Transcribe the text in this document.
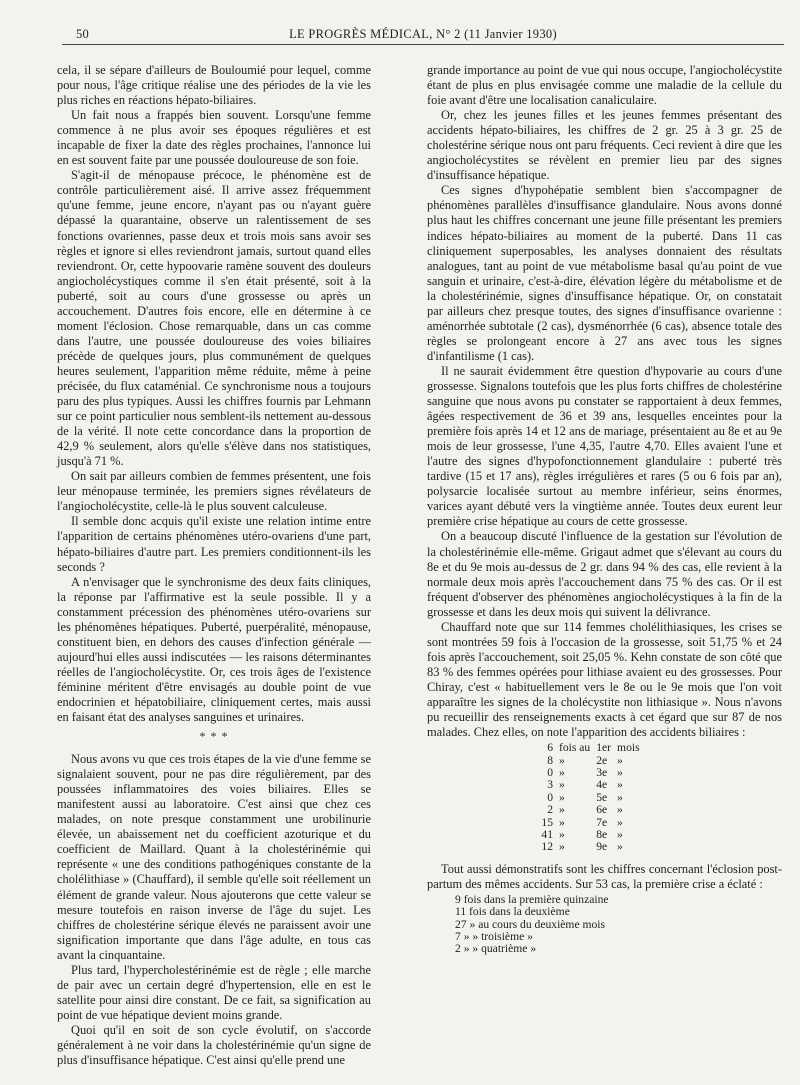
50	LE PROGRÈS MÉDICAL, N° 2 (11 Janvier 1930)

cela, il se sépare d'ailleurs de Bouloumié pour lequel, comme pour nous, l'âge critique réalise une des périodes de la vie les plus riches en réactions hépato-biliaires.

Un fait nous a frappés bien souvent. Lorsqu'une femme commence à ne plus avoir ses époques régulières et est incapable de fixer la date des règles prochaines, l'annonce lui en est souvent faite par une poussée douloureuse de son foie.

S'agit-il de ménopause précoce, le phénomène est de contrôle particulièrement aisé. Il arrive assez fréquemment qu'une femme, jeune encore, n'ayant pas ou n'ayant guère dépassé la quarantaine, observe un ralentissement de ses fonctions ovariennes, passe deux et trois mois sans avoir ses règles et ignore si elles reviendront jamais, surtout quand elles reviendront. Or, cette hypoovarie ramène souvent des douleurs angiocholécystiques comme il s'en était présenté, soit à la puberté, soit au cours d'une grossesse ou après un accouchement. D'autres fois encore, elle en détermine à ce moment l'éclosion. Chose remarquable, dans un cas comme dans l'autre, une poussée douloureuse des voies biliaires précède de quelques jours, plus communément de quelques heures seulement, l'apparition même réduite, même à peine précisée, du flux cataménial. Ce synchronisme nous a toujours paru des plus typiques. Aussi les chiffres fournis par Lehmann sur ce point particulier nous semblent-ils nettement au-dessous de la vérité. Il note cette concordance dans la proportion de 42,9 % seulement, alors qu'elle s'élève dans nos statistiques, jusqu'à 71 %.

On sait par ailleurs combien de femmes présentent, une fois leur ménopause terminée, les premiers signes révélateurs de l'angiocholécystite, celle-là le plus souvent calculeuse.

Il semble donc acquis qu'il existe une relation intime entre l'apparition de certains phénomènes utéro-ovariens d'une part, hépato-biliaires d'autre part. Les premiers conditionnent-ils les seconds ?

A n'envisager que le synchronisme des deux faits cliniques, la réponse par l'affirmative est la seule possible. Il y a constamment précession des phénomènes utéro-ovariens sur les phénomènes hépatiques. Puberté, puerpéralité, ménopause, constituent bien, en dehors des causes d'infection générale — aujourd'hui elles aussi indiscutées — les raisons déterminantes réelles de l'angiocholécystite. Or, ces trois âges de l'existence féminine méritent d'être envisagés au double point de vue endocrinien et hépatobiliaire, cliniquement certes, mais aussi en faisant état des analyses sanguines et urinaires.

* * *

Nous avons vu que ces trois étapes de la vie d'une femme se signalaient souvent, pour ne pas dire régulièrement, par des poussées inflammatoires des voies biliaires. Elles se manifestent aussi au laboratoire. C'est ainsi que chez ces malades, on note presque constamment une urobilinurie élevée, un abaissement net du coefficient azoturique et du coefficient de Maillard. Quant à la cholestérinémie qui représente « une des conditions pathogéniques constante de la cholélithiase » (Chauffard), il semble qu'elle soit réellement un élément de grande valeur. Nous ajouterons que cette valeur se mesure toutefois en raison inverse de l'âge du sujet. Les chiffres de cholestérine sérique élevés ne paraissent avoir une signification importante que dans l'âge adulte, en tous cas avant la cinquantaine.

Plus tard, l'hypercholestérinémie est de règle ; elle marche de pair avec un certain degré d'hypertension, elle en est le satellite pour ainsi dire constant. De ce fait, sa signification au point de vue hépatique devient moins grande.

Quoi qu'il en soit de son cycle évolutif, on s'accorde généralement à ne voir dans la cholestérinémie qu'un signe de plus d'insuffisance hépatique. C'est ainsi qu'elle prend une

grande importance au point de vue qui nous occupe, l'angiocholécystite étant de plus en plus envisagée comme une maladie de la cellule du foie avant d'être une localisation canaliculaire.

Or, chez les jeunes filles et les jeunes femmes présentant des accidents hépato-biliaires, les chiffres de 2 gr. 25 à 3 gr. 25 de cholestérine sérique nous ont paru fréquents. Ceci revient à dire que les angiocholécystites se révèlent en premier lieu par des signes d'insuffisance hépatique.

Ces signes d'hypohépatie semblent bien s'accompagner de phénomènes parallèles d'insuffisance glandulaire. Nous avons donné plus haut les chiffres concernant une jeune fille présentant les premiers indices hépato-biliaires au moment de la puberté. Dans 11 cas cliniquement superposables, les analyses donnaient des résultats analogues, tant au point de vue métabolisme basal qu'au point de vue sanguin et urinaire, c'est-à-dire, élévation légère du métabolisme et de la cholestérinémie, signes d'insuffisance hépatique. Or, on constatait par ailleurs chez presque toutes, des signes d'insuffisance ovarienne : aménorrhée subtotale (2 cas), dysménorrhée (6 cas), absence totale des règles se prolongeant encore à 27 ans avec tous les signes d'infantilisme (1 cas).

Il ne saurait évidemment être question d'hypovarie au cours d'une grossesse. Signalons toutefois que les plus forts chiffres de cholestérine sanguine que nous avons pu constater se rapportaient à deux femmes, âgées respectivement de 36 et 39 ans, lesquelles enceintes pour la première fois après 14 et 12 ans de mariage, présentaient au 8e et au 9e mois de leur grossesse, l'une 4,35, l'autre 4,70. Elles avaient l'une et l'autre des signes d'hypofonctionnement glandulaire : puberté très tardive (15 et 17 ans), règles irrégulières et rares (5 ou 6 fois par an), polysarcie localisée surtout au membre inférieur, seins énormes, varices ayant débuté vers la vingtième année. Toutes deux eurent leur première crise hépatique au cours de cette grossesse.

On a beaucoup discuté l'influence de la gestation sur l'évolution de la cholestérinémie elle-même. Grigaut admet que s'élevant au cours du 8e et du 9e mois au-dessus de 2 gr. dans 94 % des cas, elle revient à la normale deux mois après l'accouchement dans 75 % des cas. Or il est fréquent d'observer des phénomènes angiocholécystiques à la fin de la grossesse et dans les deux mois qui suivent la délivrance.

Chauffard note que sur 114 femmes cholélithiasiques, les crises se sont montrées 59 fois à l'occasion de la grossesse, soit 51,75 % et 24 fois après l'accouchement, soit 25,05 %. Kehn constate de son côté que 83 % des femmes opérées pour lithiase avaient eu des grossesses. Pour Chiray, c'est « habituellement vers le 8e ou le 9e mois que l'on voit apparaître les signes de la cholécystite non lithiasique ». Nous n'avons pu recueillir des renseignements exacts à cet égard que sur 87 de nos malades. Chez elles, on note l'apparition des accidents biliaires :

6	fois au	1er	mois
8	»	2e	»
0	»	3e	»
3	»	4e	»
0	»	5e	»
2	»	6e	»
15	»	7e	»
41	»	8e	»
12	»	9e	»

Tout aussi démonstratifs sont les chiffres concernant l'éclosion post-partum des mêmes accidents. Sur 53 cas, la première crise a éclaté :

9 fois dans la première quinzaine
11 fois dans la deuxième
27 » au cours du deuxième mois
7 » » troisième »
2 » » quatrième »
